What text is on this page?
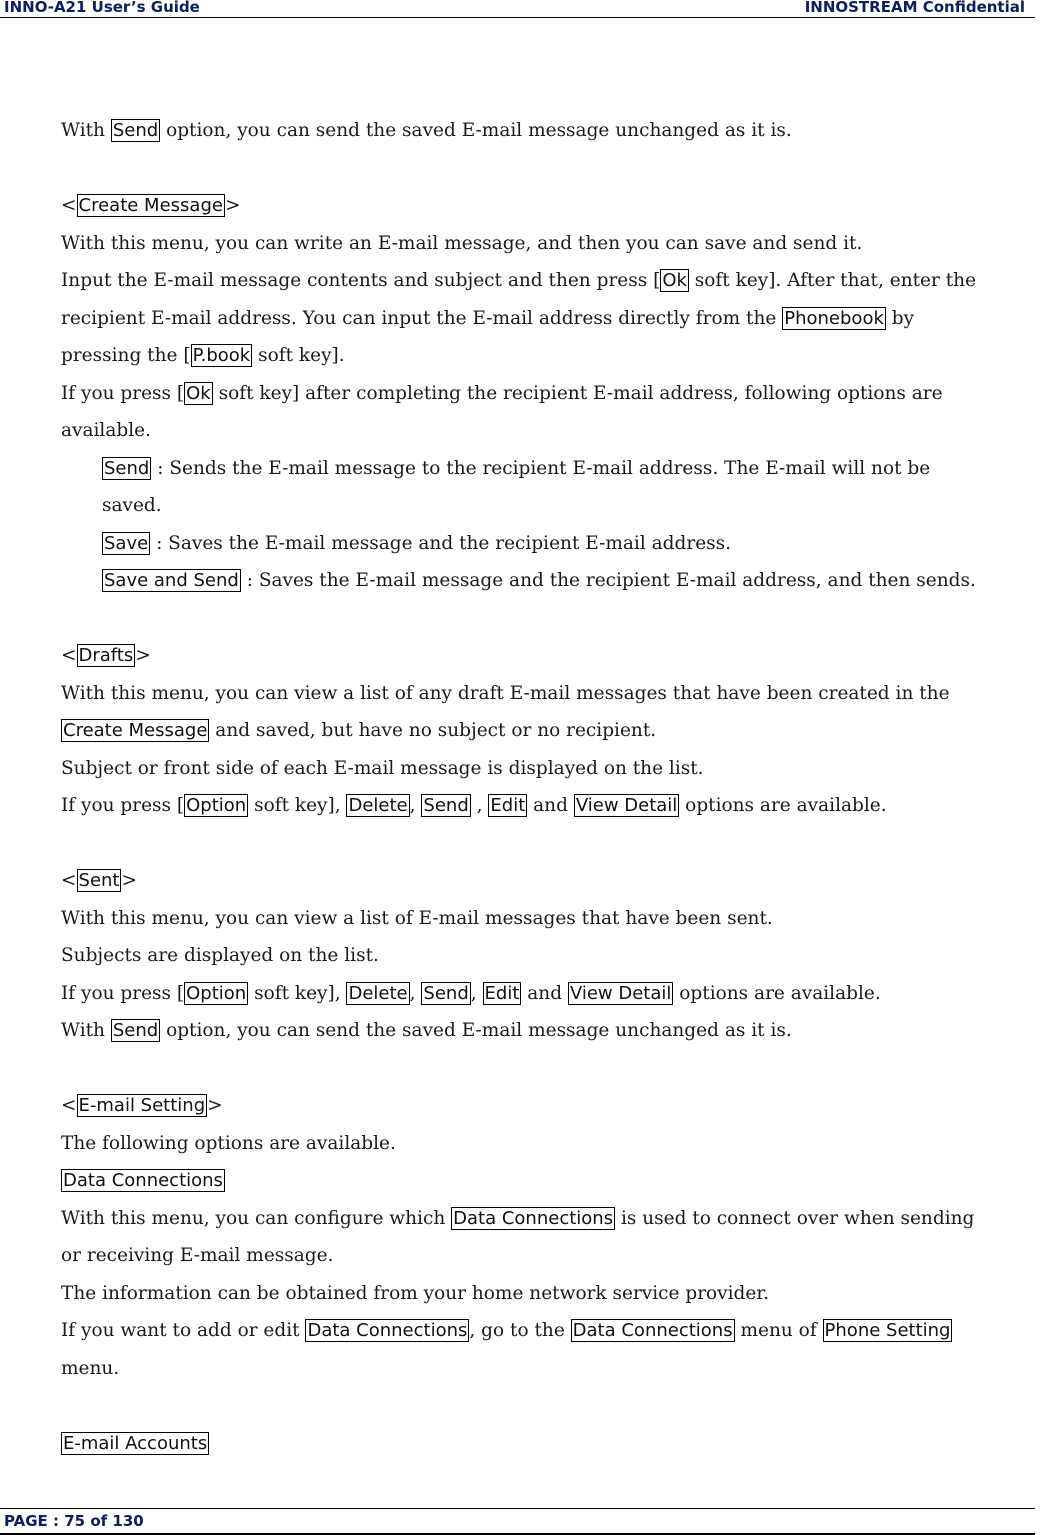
INNO-A21 User’s Guide	INNOSTREAM Confidential
With Send option, you can send the saved E-mail message unchanged as it is.
< Create Message >
With this menu, you can write an E-mail message, and then you can save and send it.
Input the E-mail message contents and subject and then press [ Ok soft key]. After that, enter the
recipient E-mail address. You can input the E-mail address directly from the Phonebook by
pressing the [ P.book soft key].
If you press [ Ok soft key] after completing the recipient E-mail address, following options are
available.
Send : Sends the E-mail message to the recipient E-mail address. The E-mail will not be
saved.
Save : Saves the E-mail message and the recipient E-mail address.
Save and Send : Saves the E-mail message and the recipient E-mail address, and then sends.
< Drafts >
With this menu, you can view a list of any draft E-mail messages that have been created in the
Create Message and saved, but have no subject or no recipient.
Subject or front side of each E-mail message is displayed on the list.
If you press [ Option soft key], Delete , Send , Edit and View Detail options are available.
< Sent >
With this menu, you can view a list of E-mail messages that have been sent.
Subjects are displayed on the list.
If you press [ Option soft key], Delete , Send , Edit and View Detail options are available.
With Send option, you can send the saved E-mail message unchanged as it is.
< E-mail Setting >
The following options are available.
Data Connections
With this menu, you can configure which Data Connections is used to connect over when sending
or receiving E-mail message.
The information can be obtained from your home network service provider.
If you want to add or edit Data Connections , go to the Data Connections menu of Phone Setting
menu.
E-mail Accounts
PAGE : 75 of 130
